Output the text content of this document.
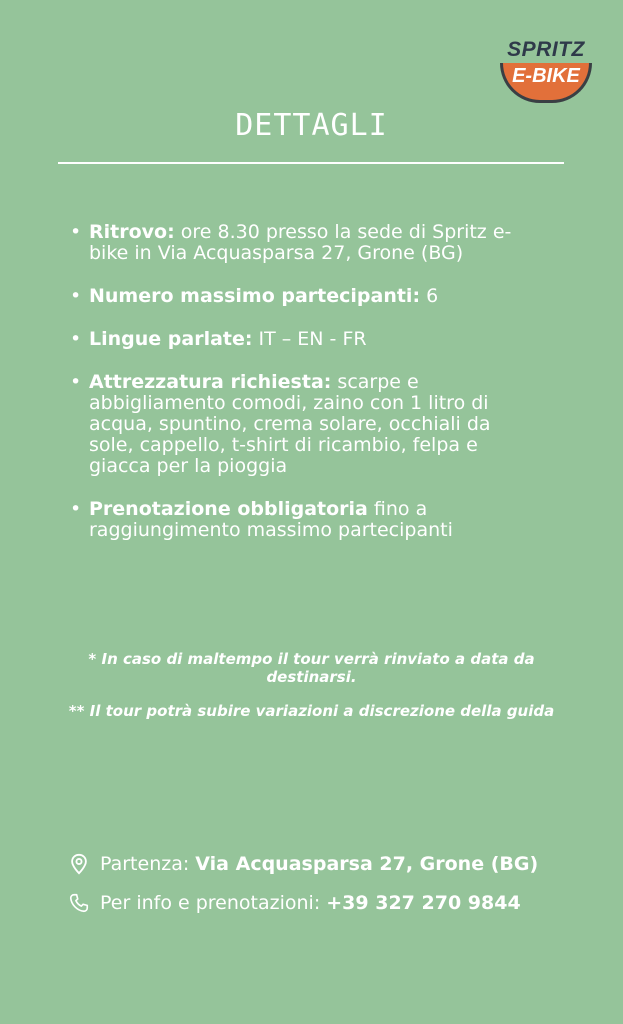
SPRITZ
E-BIKE
DETTAGLI
• Ritrovo: ore 8.30 presso la sede di Spritz e-bike in Via Acquasparsa 27, Grone (BG)
• Numero massimo partecipanti: 6
• Lingue parlate: IT – EN - FR
• Attrezzatura richiesta: scarpe e abbigliamento comodi, zaino con 1 litro di acqua, spuntino, crema solare, occhiali da sole, cappello, t-shirt di ricambio, felpa e giacca per la pioggia
• Prenotazione obbligatoria fino a raggiungimento massimo partecipanti

* In caso di maltempo il tour verrà rinviato a data da destinarsi.

** Il tour potrà subire variazioni a discrezione della guida

Partenza: Via Acquasparsa 27, Grone (BG)
Per info e prenotazioni: +39 327 270 9844
